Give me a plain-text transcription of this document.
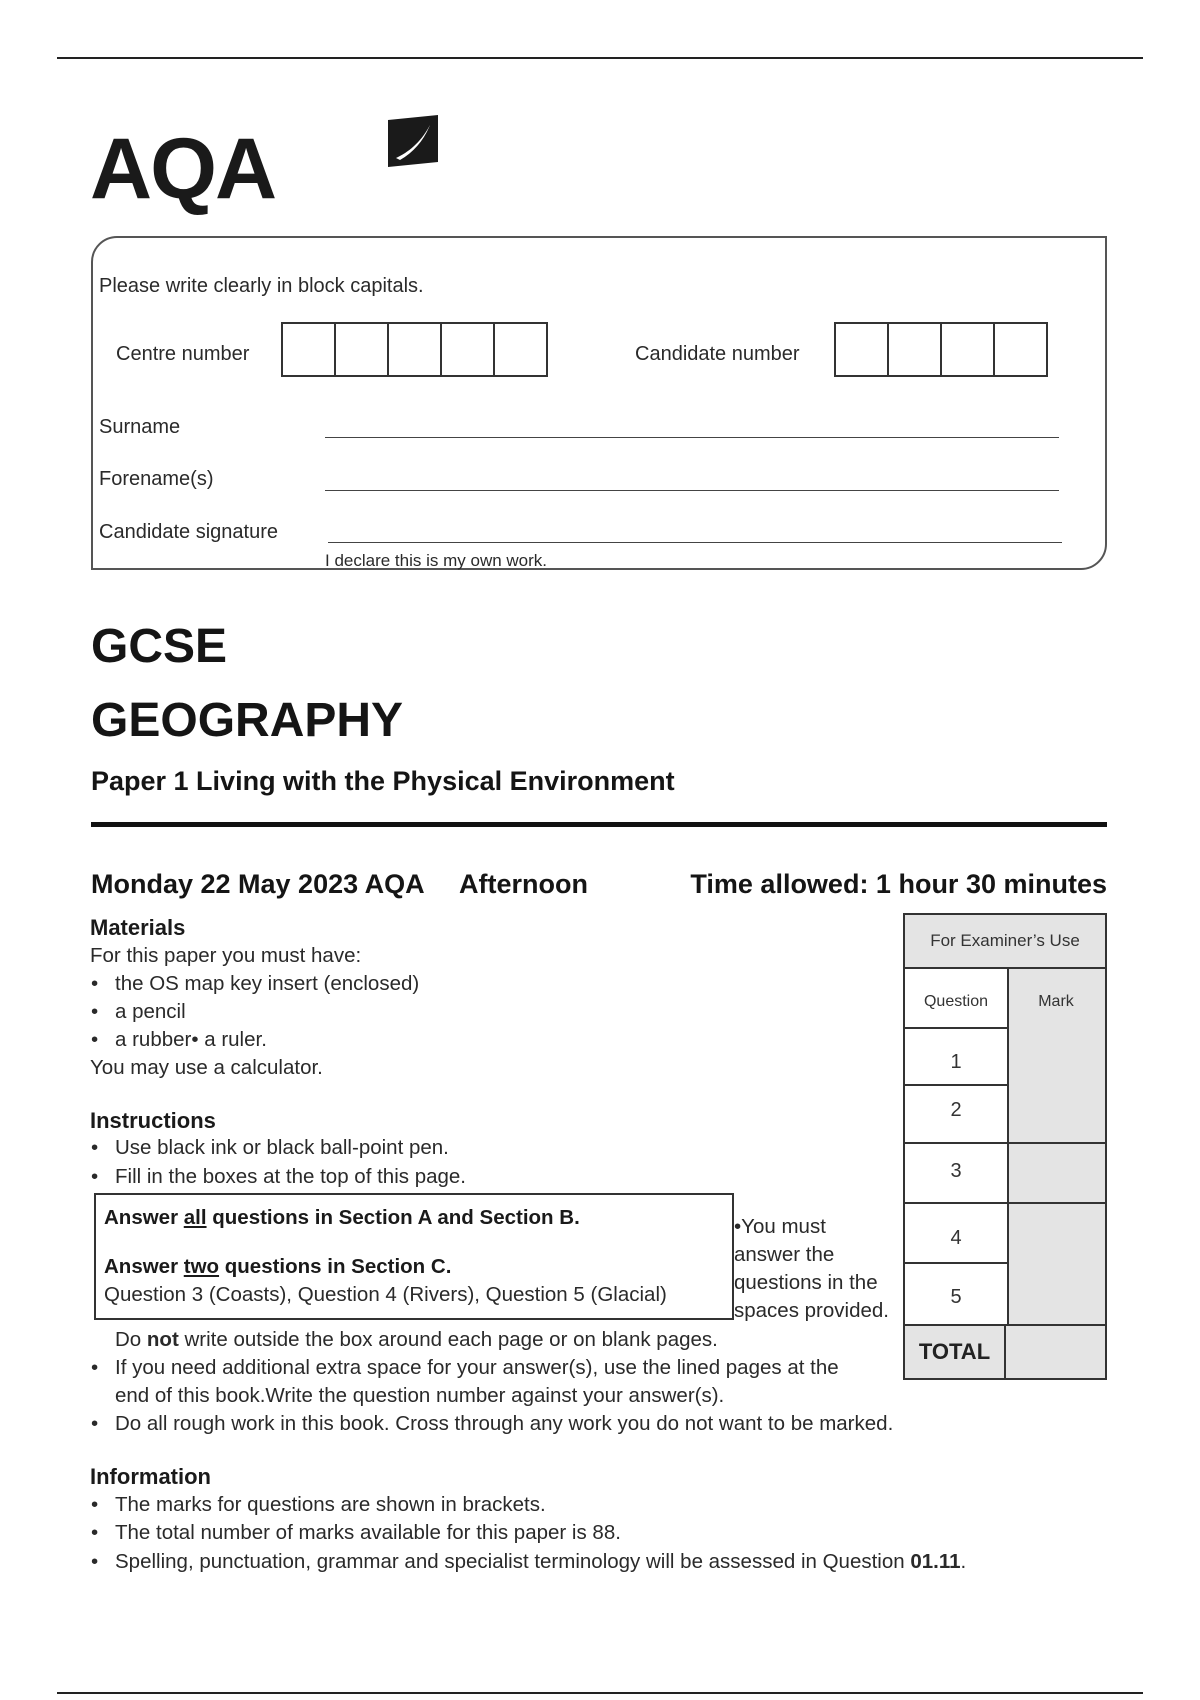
AQA
Please write clearly in block capitals.
Centre number	Candidate number
Surname
Forename(s)
Candidate signature
I declare this is my own work.
GCSE
GEOGRAPHY
Paper 1 Living with the Physical Environment
Monday 22 May 2023 AQA Afternoon	Time allowed: 1 hour 30 minutes
Materials
For this paper you must have:
• the OS map key insert (enclosed)
• a pencil
• a rubber• a ruler.
You may use a calculator.
Instructions
• Use black ink or black ball-point pen.
• Fill in the boxes at the top of this page.
Answer all questions in Section A and Section B.
Answer two questions in Section C.
Question 3 (Coasts), Question 4 (Rivers), Question 5 (Glacial)
•You must
answer the
questions in the
spaces provided.
Do not write outside the box around each page or on blank pages.
• If you need additional extra space for your answer(s), use the lined pages at the
end of this book.Write the question number against your answer(s).
• Do all rough work in this book. Cross through any work you do not want to be marked.
Information
• The marks for questions are shown in brackets.
• The total number of marks available for this paper is 88.
• Spelling, punctuation, grammar and specialist terminology will be assessed in Question 01.11.
For Examiner’s Use
Question	Mark
1
2
3
4
5
TOTAL
